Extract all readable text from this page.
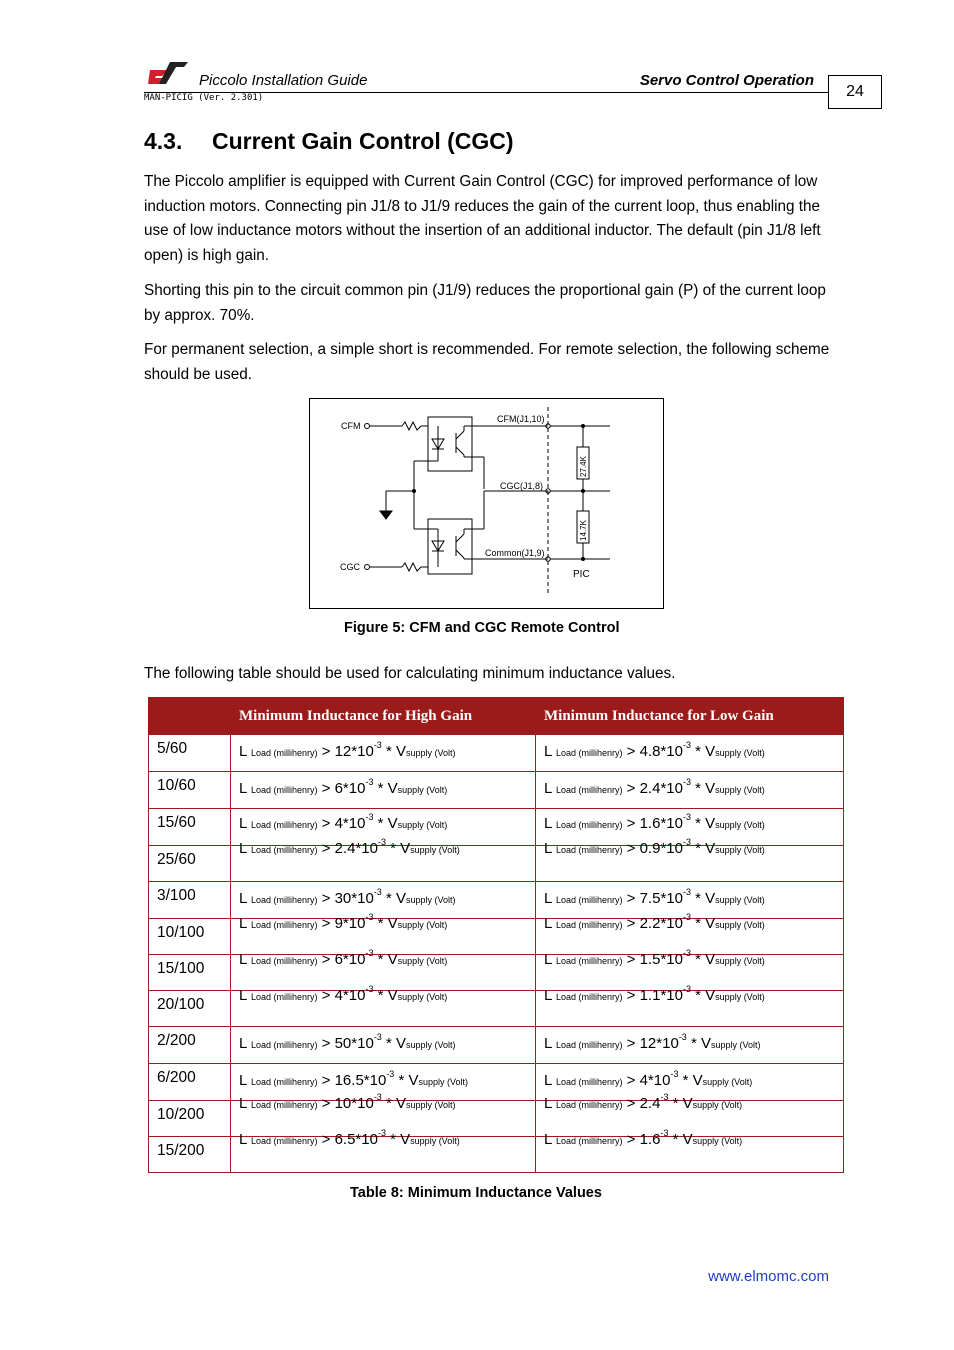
Piccolo Installation Guide	Servo Control Operation
MAN-PICIG (Ver. 2.301)	24
4.3. Current Gain Control (CGC)
The Piccolo amplifier is equipped with Current Gain Control (CGC) for improved performance of low induction motors. Connecting pin J1/8 to J1/9 reduces the gain of the current loop, thus enabling the use of low inductance motors without the insertion of an additional inductor. The default (pin J1/8 left open) is high gain.
Shorting this pin to the circuit common pin (J1/9) reduces the proportional gain (P) of the current loop by approx. 70%.
For permanent selection, a simple short is recommended. For remote selection, the following scheme should be used.
CFM
CGC
CFM(J1,10)
CGC(J1,8)
Common(J1,9)
PIC
27.4K
14.7K
Figure 5: CFM and CGC Remote Control
The following table should be used for calculating minimum inductance values.
	Minimum Inductance for High Gain	Minimum Inductance for Low Gain
5/60	L Load (millihenry) > $12*10^{-3}$ * Vsupply (Volt)	L Load (millihenry) > $4.8*10^{-3}$ * Vsupply (Volt)

10/60	L Load (millihenry) > $6*10^{-3}$ * Vsupply (Volt)	L Load (millihenry) > $2.4*10^{-3}$ * Vsupply (Volt)

15/60	L Load (millihenry) > $4*10^{-3}$ * Vsupply (Volt)	L Load (millihenry) > $1.6*10^{-3}$ * Vsupply (Volt)

25/60	L Load (millihenry) > $2.4*10^{-3}$ * Vsupply (Volt)	L Load (millihenry) > $0.9*10^{-3}$ * Vsupply (Volt)

3/100	L Load (millihenry) > $30*10^{-3}$ * Vsupply (Volt)	L Load (millihenry) > $7.5*10^{-3}$ * Vsupply (Volt)

10/100	L Load (millihenry) > $9*10^{-3}$ * Vsupply (Volt)	L Load (millihenry) > $2.2*10^{-3}$ * Vsupply (Volt)

15/100	L Load (millihenry) > $6*10^{-3}$ * Vsupply (Volt)	L Load (millihenry) > $1.5*10^{-3}$ * Vsupply (Volt)

20/100	L Load (millihenry) > $4*10^{-3}$ * Vsupply (Volt)	L Load (millihenry) > $1.1*10^{-3}$ * Vsupply (Volt)

2/200	L Load (millihenry) > $50*10^{-3}$ * Vsupply (Volt)	L Load (millihenry) > $12*10^{-3}$ * Vsupply (Volt)

6/200	L Load (millihenry) > $16.5*10^{-3}$ * Vsupply (Volt)	L Load (millihenry) > $4*10^{-3}$ * Vsupply (Volt)

10/200	L Load (millihenry) > $10*10^{-3}$ * Vsupply (Volt)	L Load (millihenry) > $2.4^{-3}$ * Vsupply (Volt)

15/200	L Load (millihenry) > $6.5*10^{-3}$ * Vsupply (Volt)	L Load (millihenry) > $1.6^{-3}$ * Vsupply (Volt)
Table 8: Minimum Inductance Values
www.elmomc.com
